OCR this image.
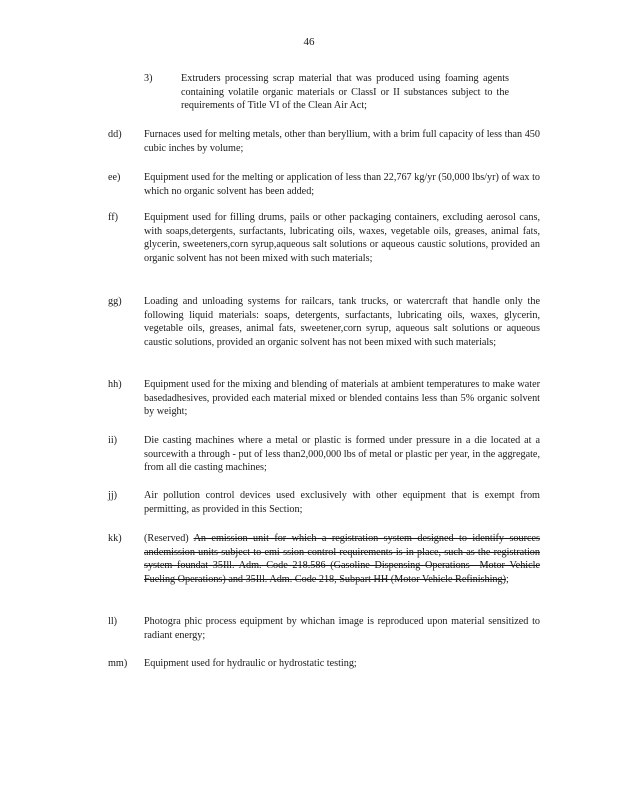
46
3)	Extruders processing scrap material that was produced using foaming agents containing volatile organic materials or ClassI or II substances subject to the requirements of Title VI of the Clean Air Act;
dd) Furnaces used for melting metals, other than beryllium, with a brim full capacity of less than 450 cubic inches by volume;
ee) Equipment used for the melting or application of less than 22,767 kg/yr (50,000 lbs/yr) of wax to which no organic solvent has been added;
ff)	Equipment used for filling drums, pails or other packaging containers, excluding aerosol cans, with soaps,detergents, surfactants, lubricating oils, waxes, vegetable oils, greases, animal fats, glycerin, sweeteners,corn syrup,aqueous salt solutions or aqueous caustic solutions, provided an organic solvent has not been mixed with such materials;
gg) Loading and unloading systems for railcars, tank trucks, or watercraft that handle only the following liquid materials: soaps, detergents, surfactants, lubricating oils, waxes, glycerin, vegetable oils, greases, animal fats, sweetener,corn syrup, aqueous salt solutions or aqueous caustic solutions, provided an organic solvent has not been mixed with such materials;
hh) Equipment used for the mixing and blending of materials at ambient temperatures to make water basedadhesives, provided each material mixed or blended contains less than 5% organic solvent by weight;
ii)	Die casting machines where a metal or plastic is formed under pressure in a die located at a sourcewith a through - put of less than2,000,000 lbs of metal or plastic per year, in the aggregate, from all die casting machines;
jj)	Air pollution control devices used exclusively with other equipment that is exempt from permitting, as provided in this Section;
kk) (Reserved) An emission unit for which a registration system designed to identify sources andemission units subject to emi-ssion control requirements is in place, such as the registration system foundat 35Ill. Adm. Code 218.586 (Gasoline Dispensing Operations –Motor Vehicle Fueling Operations) and 35Ill. Adm. Code 218, Subpart HH (Motor Vehicle Refinishing);
ll)	Photogra phic process equipment by whichan image is reproduced upon material sensitized to radiant energy;
mm) Equipment used for hydraulic or hydrostatic testing;
